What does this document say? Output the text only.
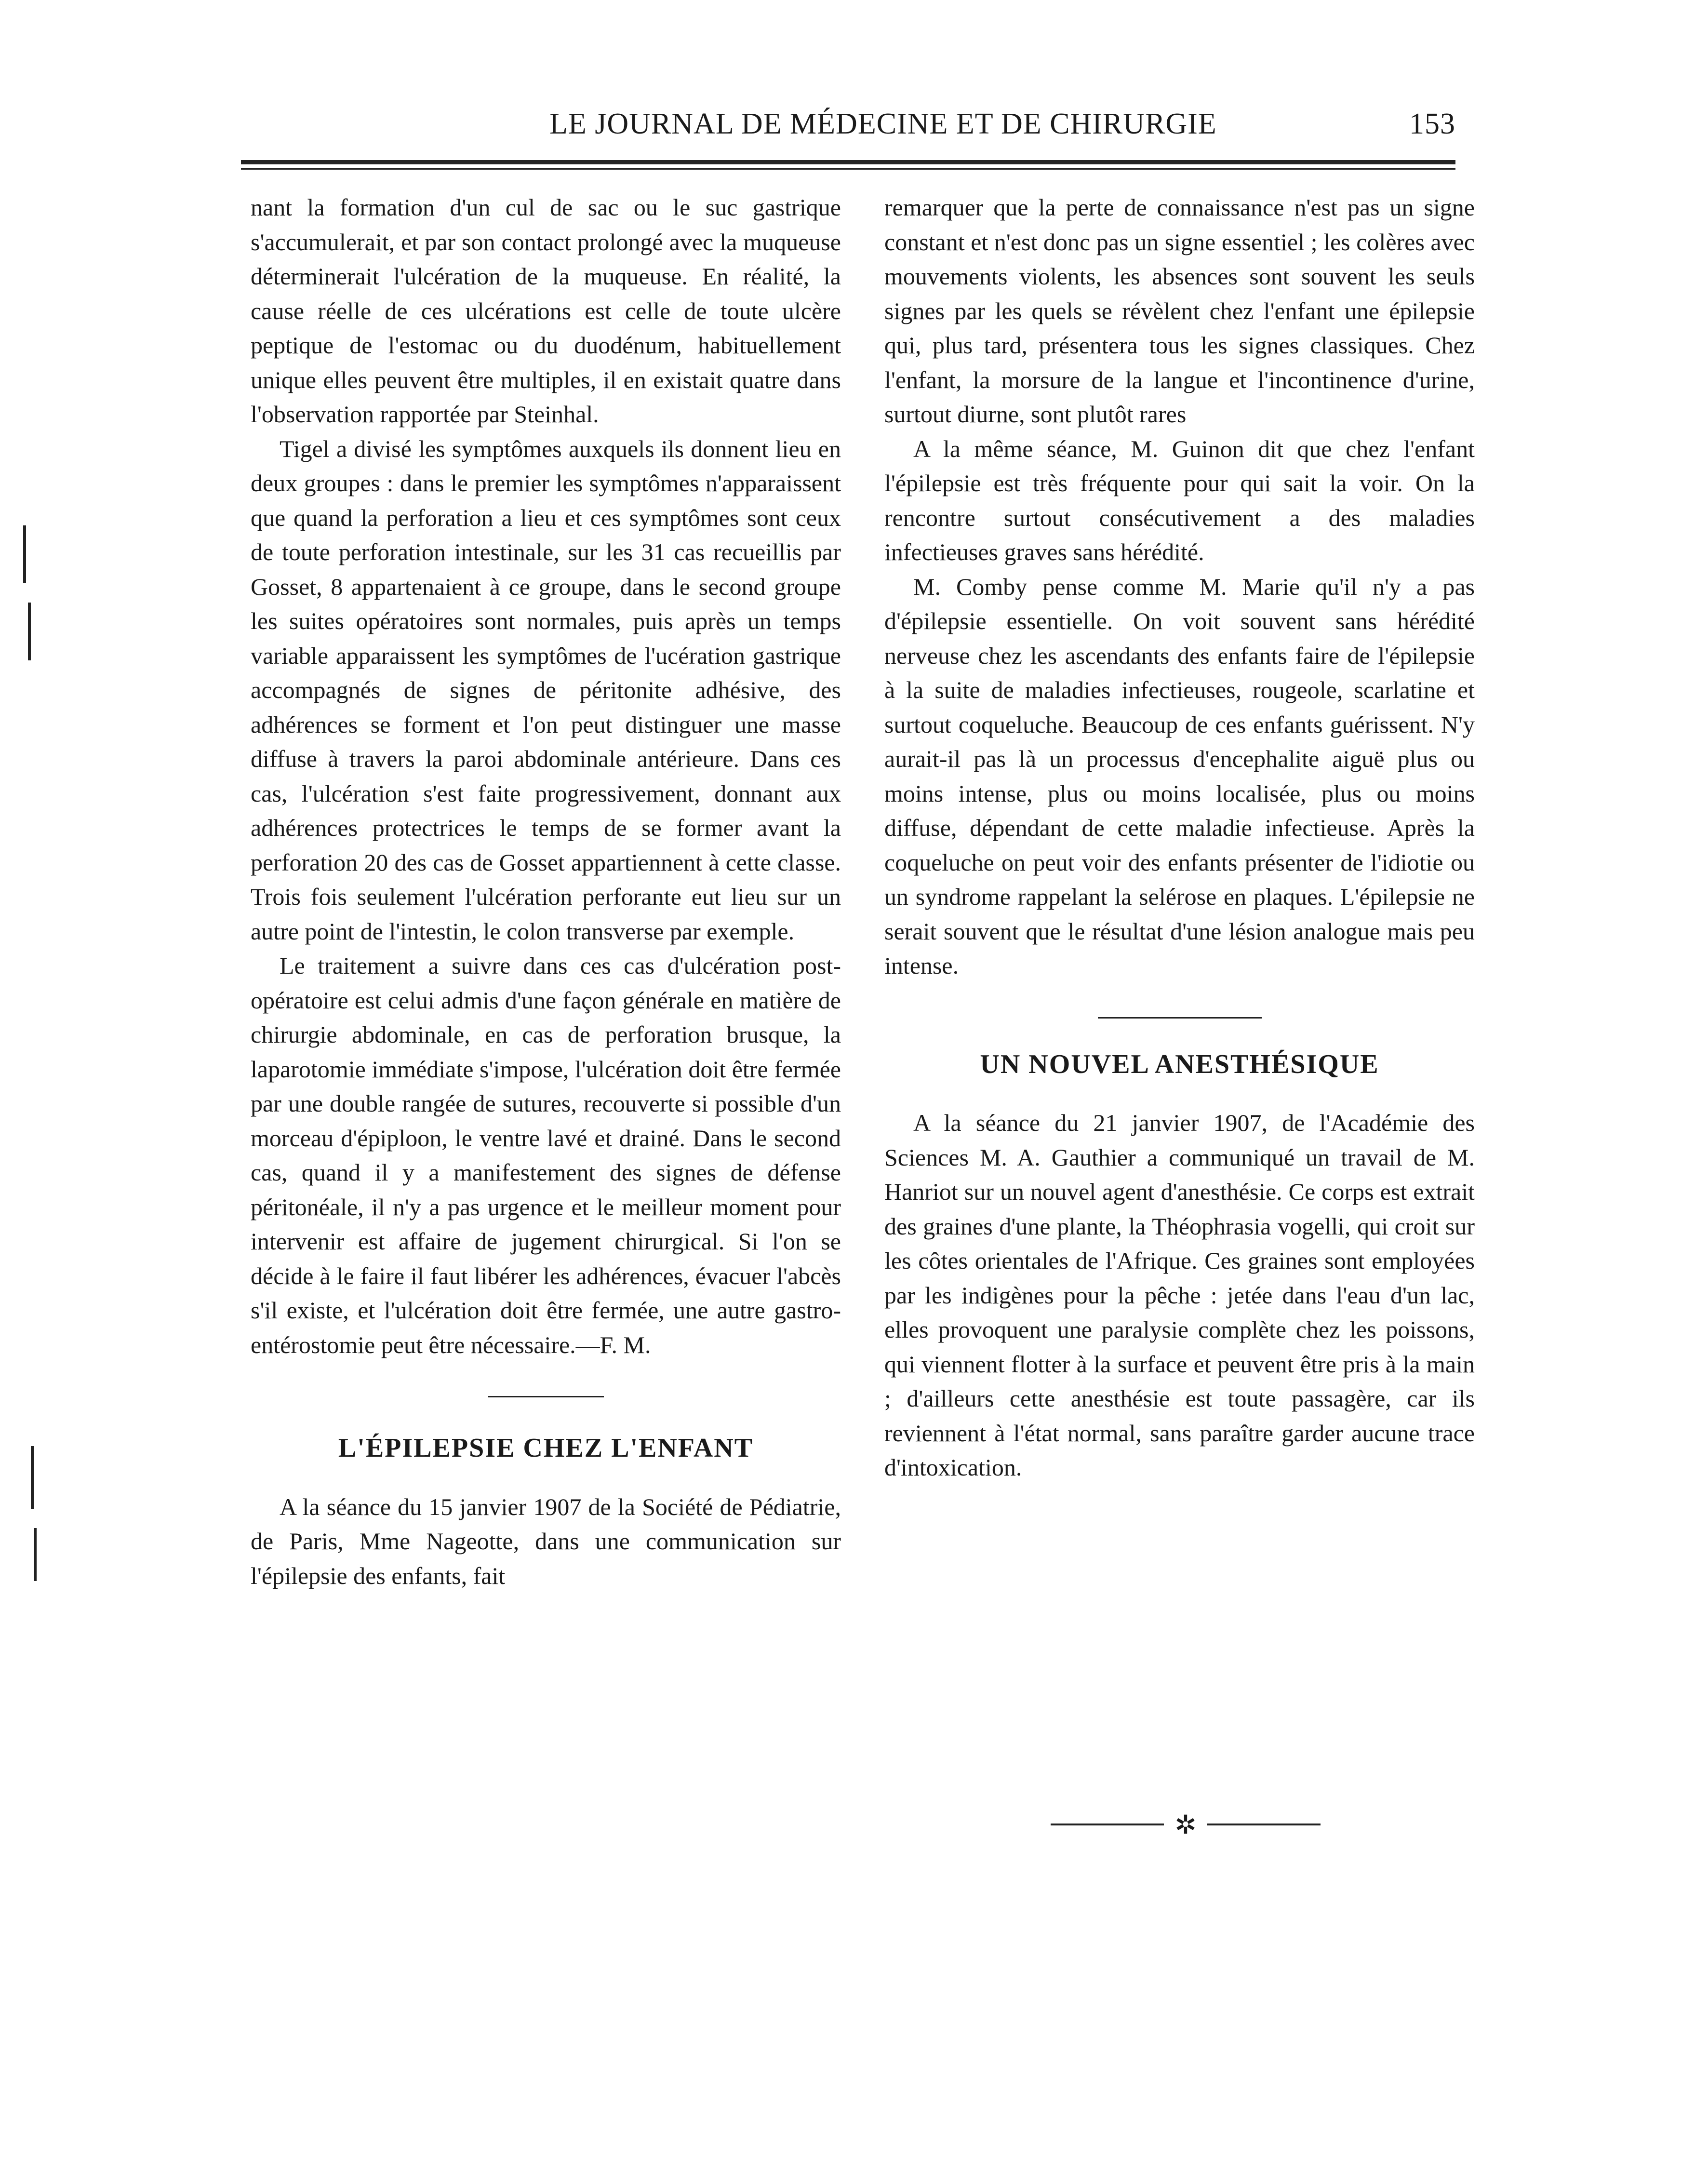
LE JOURNAL DE MÉDECINE ET DE CHIRURGIE	153

nant la formation d'un cul de sac ou le suc gastrique s'accumulerait, et par son contact prolongé avec la muqueuse déterminerait l'ulcération de la muqueuse. En réalité, la cause réelle de ces ulcérations est celle de toute ulcère peptique de l'estomac ou du duodénum, habituellement unique elles peuvent être multiples, il en existait quatre dans l'observation rapportée par Steinhal.

Tigel a divisé les symptômes auxquels ils donnent lieu en deux groupes : dans le premier les symptômes n'apparaissent que quand la perforation a lieu et ces symptômes sont ceux de toute perforation intestinale, sur les 31 cas recueillis par Gosset, 8 appartenaient à ce groupe, dans le second groupe les suites opératoires sont normales, puis après un temps variable apparaissent les symptômes de l'ucération gastrique accompagnés de signes de péritonite adhésive, des adhérences se forment et l'on peut distinguer une masse diffuse à travers la paroi abdominale antérieure. Dans ces cas, l'ulcération s'est faite progressivement, donnant aux adhérences protectrices le temps de se former avant la perforation 20 des cas de Gosset appartiennent à cette classe. Trois fois seulement l'ulcération perforante eut lieu sur un autre point de l'intestin, le colon transverse par exemple.

Le traitement a suivre dans ces cas d'ulcération post-opératoire est celui admis d'une façon générale en matière de chirurgie abdominale, en cas de perforation brusque, la laparotomie immédiate s'impose, l'ulcération doit être fermée par une double rangée de sutures, recouverte si possible d'un morceau d'épiploon, le ventre lavé et drainé. Dans le second cas, quand il y a manifestement des signes de défense péritonéale, il n'y a pas urgence et le meilleur moment pour intervenir est affaire de jugement chirurgical. Si l'on se décide à le faire il faut libérer les adhérences, évacuer l'abcès s'il existe, et l'ulcération doit être fermée, une autre gastro-entérostomie peut être nécessaire.—F. M.

L'ÉPILEPSIE CHEZ L'ENFANT

A la séance du 15 janvier 1907 de la Société de Pédiatrie, de Paris, Mme Nageotte, dans une communication sur l'épilepsie des enfants, fait

remarquer que la perte de connaissance n'est pas un signe constant et n'est donc pas un signe essentiel ; les colères avec mouvements violents, les absences sont souvent les seuls signes par les quels se révèlent chez l'enfant une épilepsie qui, plus tard, présentera tous les signes classiques. Chez l'enfant, la morsure de la langue et l'incontinence d'urine, surtout diurne, sont plutôt rares

A la même séance, M. Guinon dit que chez l'enfant l'épilepsie est très fréquente pour qui sait la voir. On la rencontre surtout consécutivement a des maladies infectieuses graves sans hérédité.

M. Comby pense comme M. Marie qu'il n'y a pas d'épilepsie essentielle. On voit souvent sans hérédité nerveuse chez les ascendants des enfants faire de l'épilepsie à la suite de maladies infectieuses, rougeole, scarlatine et surtout coqueluche. Beaucoup de ces enfants guérissent. N'y aurait-il pas là un processus d'encephalite aiguë plus ou moins intense, plus ou moins localisée, plus ou moins diffuse, dépendant de cette maladie infectieuse. Après la coqueluche on peut voir des enfants présenter de l'idiotie ou un syndrome rappelant la selérose en plaques. L'épilepsie ne serait souvent que le résultat d'une lésion analogue mais peu intense.

UN NOUVEL ANESTHÉSIQUE

A la séance du 21 janvier 1907, de l'Académie des Sciences M. A. Gauthier a communiqué un travail de M. Hanriot sur un nouvel agent d'anesthésie. Ce corps est extrait des graines d'une plante, la Théophrasia vogelli, qui croit sur les côtes orientales de l'Afrique. Ces graines sont employées par les indigènes pour la pêche : jetée dans l'eau d'un lac, elles provoquent une paralysie complète chez les poissons, qui viennent flotter à la surface et peuvent être pris à la main ; d'ailleurs cette anesthésie est toute passagère, car ils reviennent à l'état normal, sans paraître garder aucune trace d'intoxication.

✲
